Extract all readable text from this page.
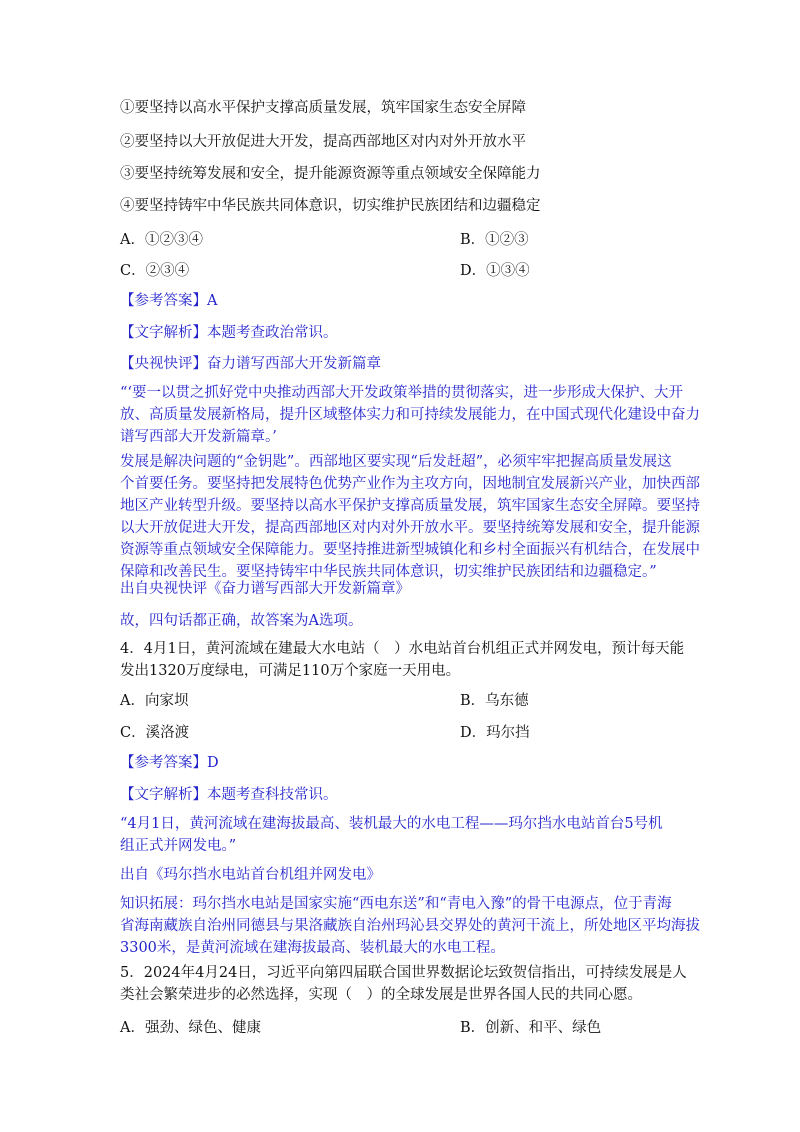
①要坚持以高水平保护支撑高质量发展，筑牢国家生态安全屏障
②要坚持以大开放促进大开发，提高西部地区对内对外开放水平
③要坚持统筹发展和安全，提升能源资源等重点领域安全保障能力
④要坚持铸牢中华民族共同体意识，切实维护民族团结和边疆稳定
A．①②③④	B．①②③
C．②③④	D．①③④
【参考答案】A
【文字解析】本题考查政治常识。
【央视快评】奋力谱写西部大开发新篇章
“‘要一以贯之抓好党中央推动西部大开发政策举措的贯彻落实，进一步形成大保护、大开
放、高质量发展新格局，提升区域整体实力和可持续发展能力，在中国式现代化建设中奋力
谱写西部大开发新篇章。’
发展是解决问题的“金钥匙”。西部地区要实现“后发赶超”，必须牢牢把握高质量发展这
个首要任务。要坚持把发展特色优势产业作为主攻方向，因地制宜发展新兴产业，加快西部
地区产业转型升级。要坚持以高水平保护支撑高质量发展，筑牢国家生态安全屏障。要坚持
以大开放促进大开发，提高西部地区对内对外开放水平。要坚持统筹发展和安全，提升能源
资源等重点领域安全保障能力。要坚持推进新型城镇化和乡村全面振兴有机结合，在发展中
保障和改善民生。要坚持铸牢中华民族共同体意识，切实维护民族团结和边疆稳定。”
出自央视快评《奋力谱写西部大开发新篇章》
故，四句话都正确，故答案为A选项。
4．4月1日，黄河流域在建最大水电站（　）水电站首台机组正式并网发电，预计每天能
发出1320万度绿电，可满足110万个家庭一天用电。
A．向家坝	B．乌东德
C．溪洛渡	D．玛尔挡
【参考答案】D
【文字解析】本题考查科技常识。
“4月1日，黄河流域在建海拔最高、装机最大的水电工程——玛尔挡水电站首台5号机
组正式并网发电。”
出自《玛尔挡水电站首台机组并网发电》
知识拓展：玛尔挡水电站是国家实施“西电东送”和“青电入豫”的骨干电源点，位于青海
省海南藏族自治州同德县与果洛藏族自治州玛沁县交界处的黄河干流上，所处地区平均海拔
3300米，是黄河流域在建海拔最高、装机最大的水电工程。
5．2024年4月24日，习近平向第四届联合国世界数据论坛致贺信指出，可持续发展是人
类社会繁荣进步的必然选择，实现（　）的全球发展是世界各国人民的共同心愿。
A．强劲、绿色、健康	B．创新、和平、绿色
